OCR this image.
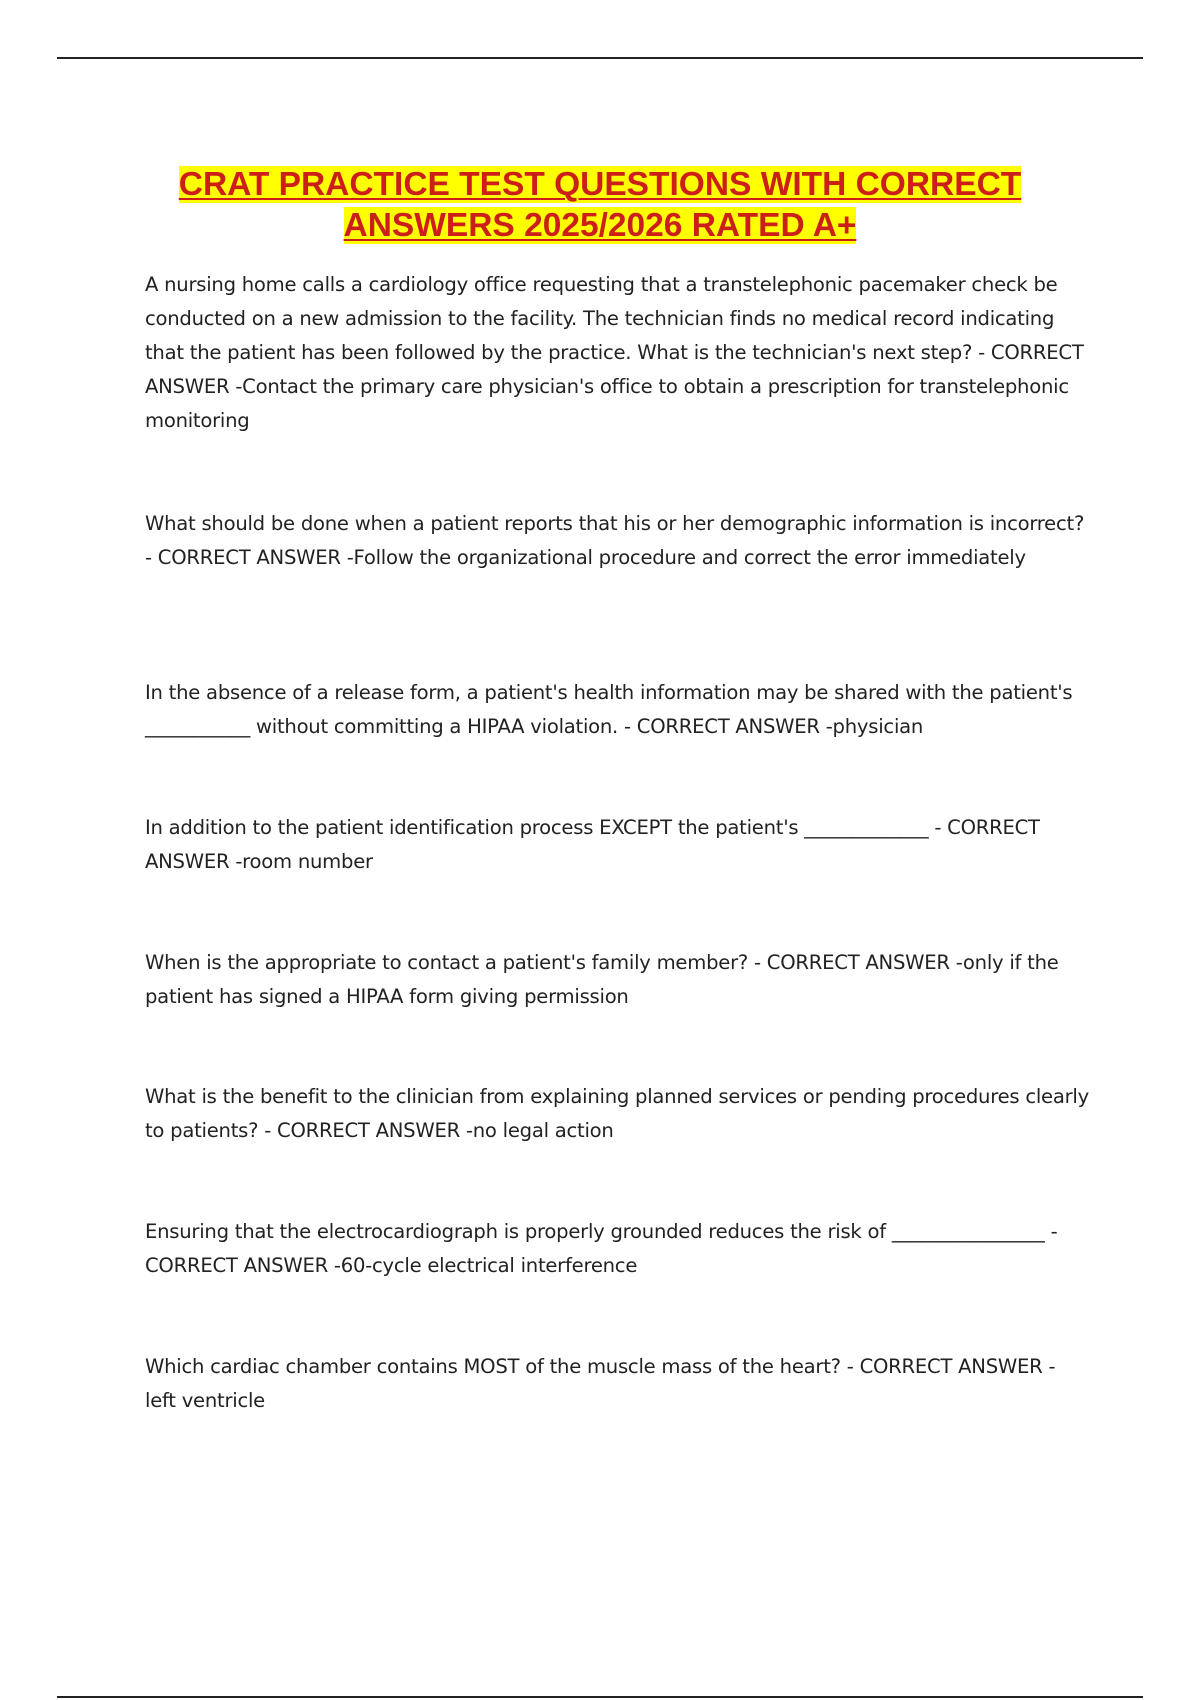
CRAT PRACTICE TEST QUESTIONS WITH CORRECT
ANSWERS 2025/2026 RATED A+

A nursing home calls a cardiology office requesting that a transtelephonic pacemaker check be conducted on a new admission to the facility. The technician finds no medical record indicating that the patient has been followed by the practice. What is the technician's next step? - CORRECT ANSWER -Contact the primary care physician's office to obtain a prescription for transtelephonic monitoring

What should be done when a patient reports that his or her demographic information is incorrect? - CORRECT ANSWER -Follow the organizational procedure and correct the error immediately

In the absence of a release form, a patient's health information may be shared with the patient's ___________ without committing a HIPAA violation. - CORRECT ANSWER -physician

In addition to the patient identification process EXCEPT the patient's _____________ - CORRECT ANSWER -room number

When is the appropriate to contact a patient's family member? - CORRECT ANSWER -only if the patient has signed a HIPAA form giving permission

What is the benefit to the clinician from explaining planned services or pending procedures clearly to patients? - CORRECT ANSWER -no legal action

Ensuring that the electrocardiograph is properly grounded reduces the risk of ________________ - CORRECT ANSWER -60-cycle electrical interference

Which cardiac chamber contains MOST of the muscle mass of the heart? - CORRECT ANSWER - left ventricle
